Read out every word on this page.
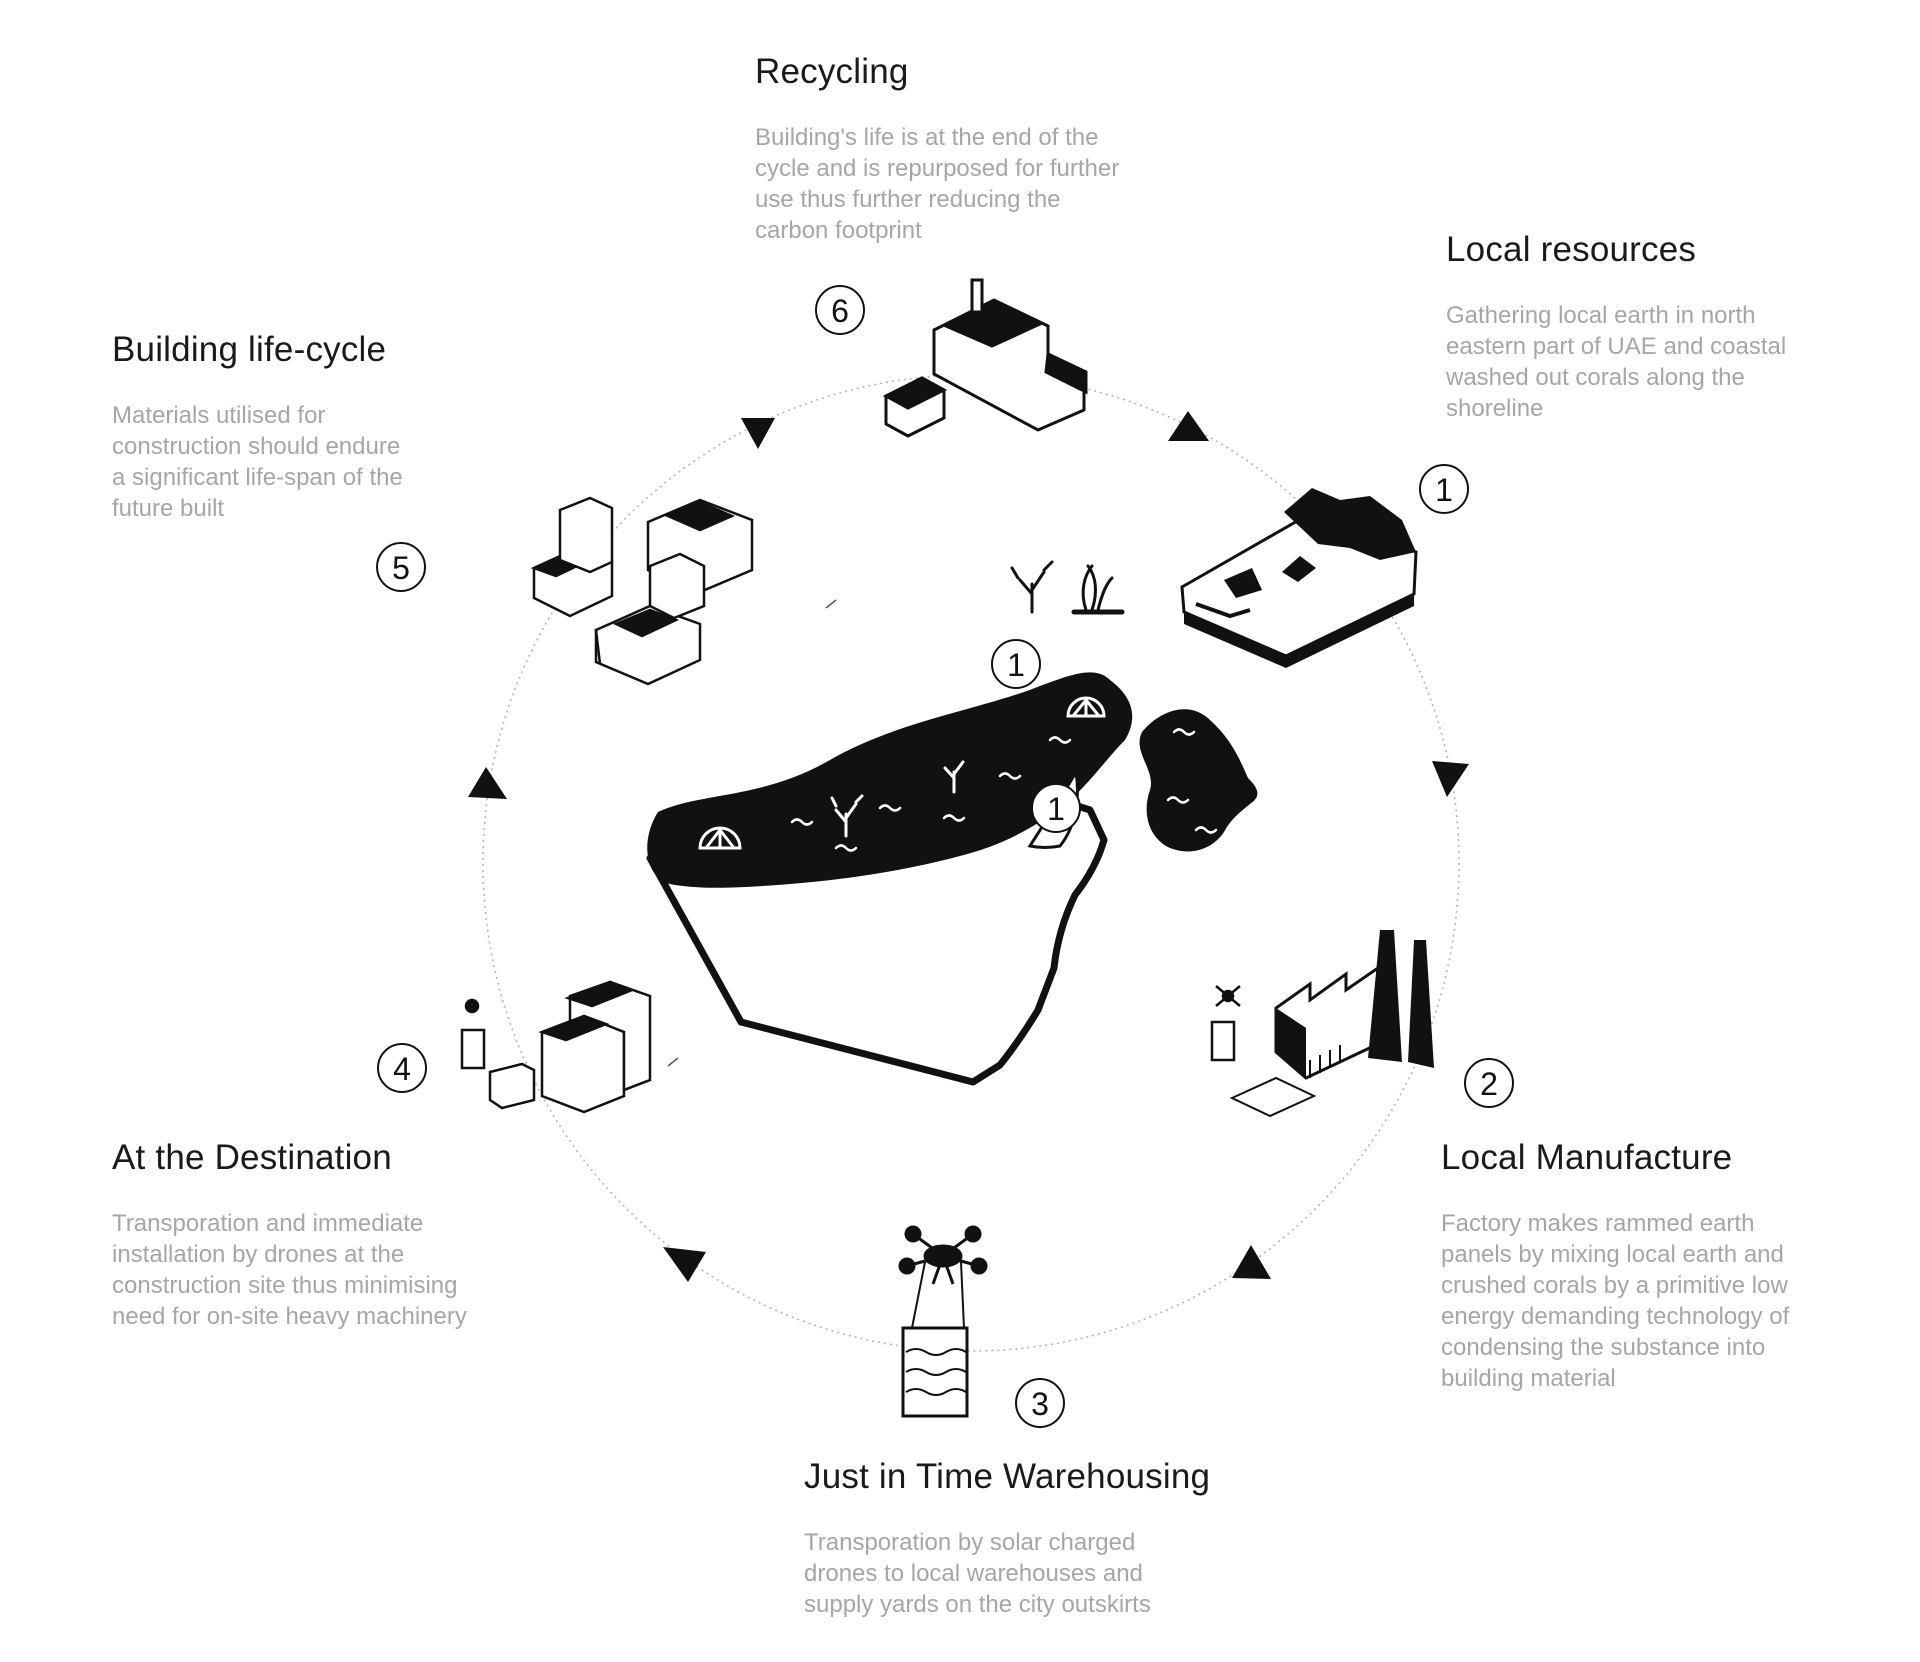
6
1
5
4	2
3
1
1
Recycling

Building's life is at the end of the
cycle and is repurposed for further
use thus further reducing the
carbon footprint	Local resources

Gathering local earth in north
eastern part of UAE and coastal
washed out corals along the
shoreline

Building life-cycle

Materials utilised for
construction should endure
a significant life-span of the
future built

At the Destination

Transporation and immediate
installation by drones at the
construction site thus minimising
need for on-site heavy machinery

Local Manufacture

Factory makes rammed earth
panels by mixing local earth and
crushed corals by a primitive low
energy demanding technology of
condensing the substance into
building material

Just in Time Warehousing

Transporation by solar charged
drones to local warehouses and
supply yards on the city outskirts
